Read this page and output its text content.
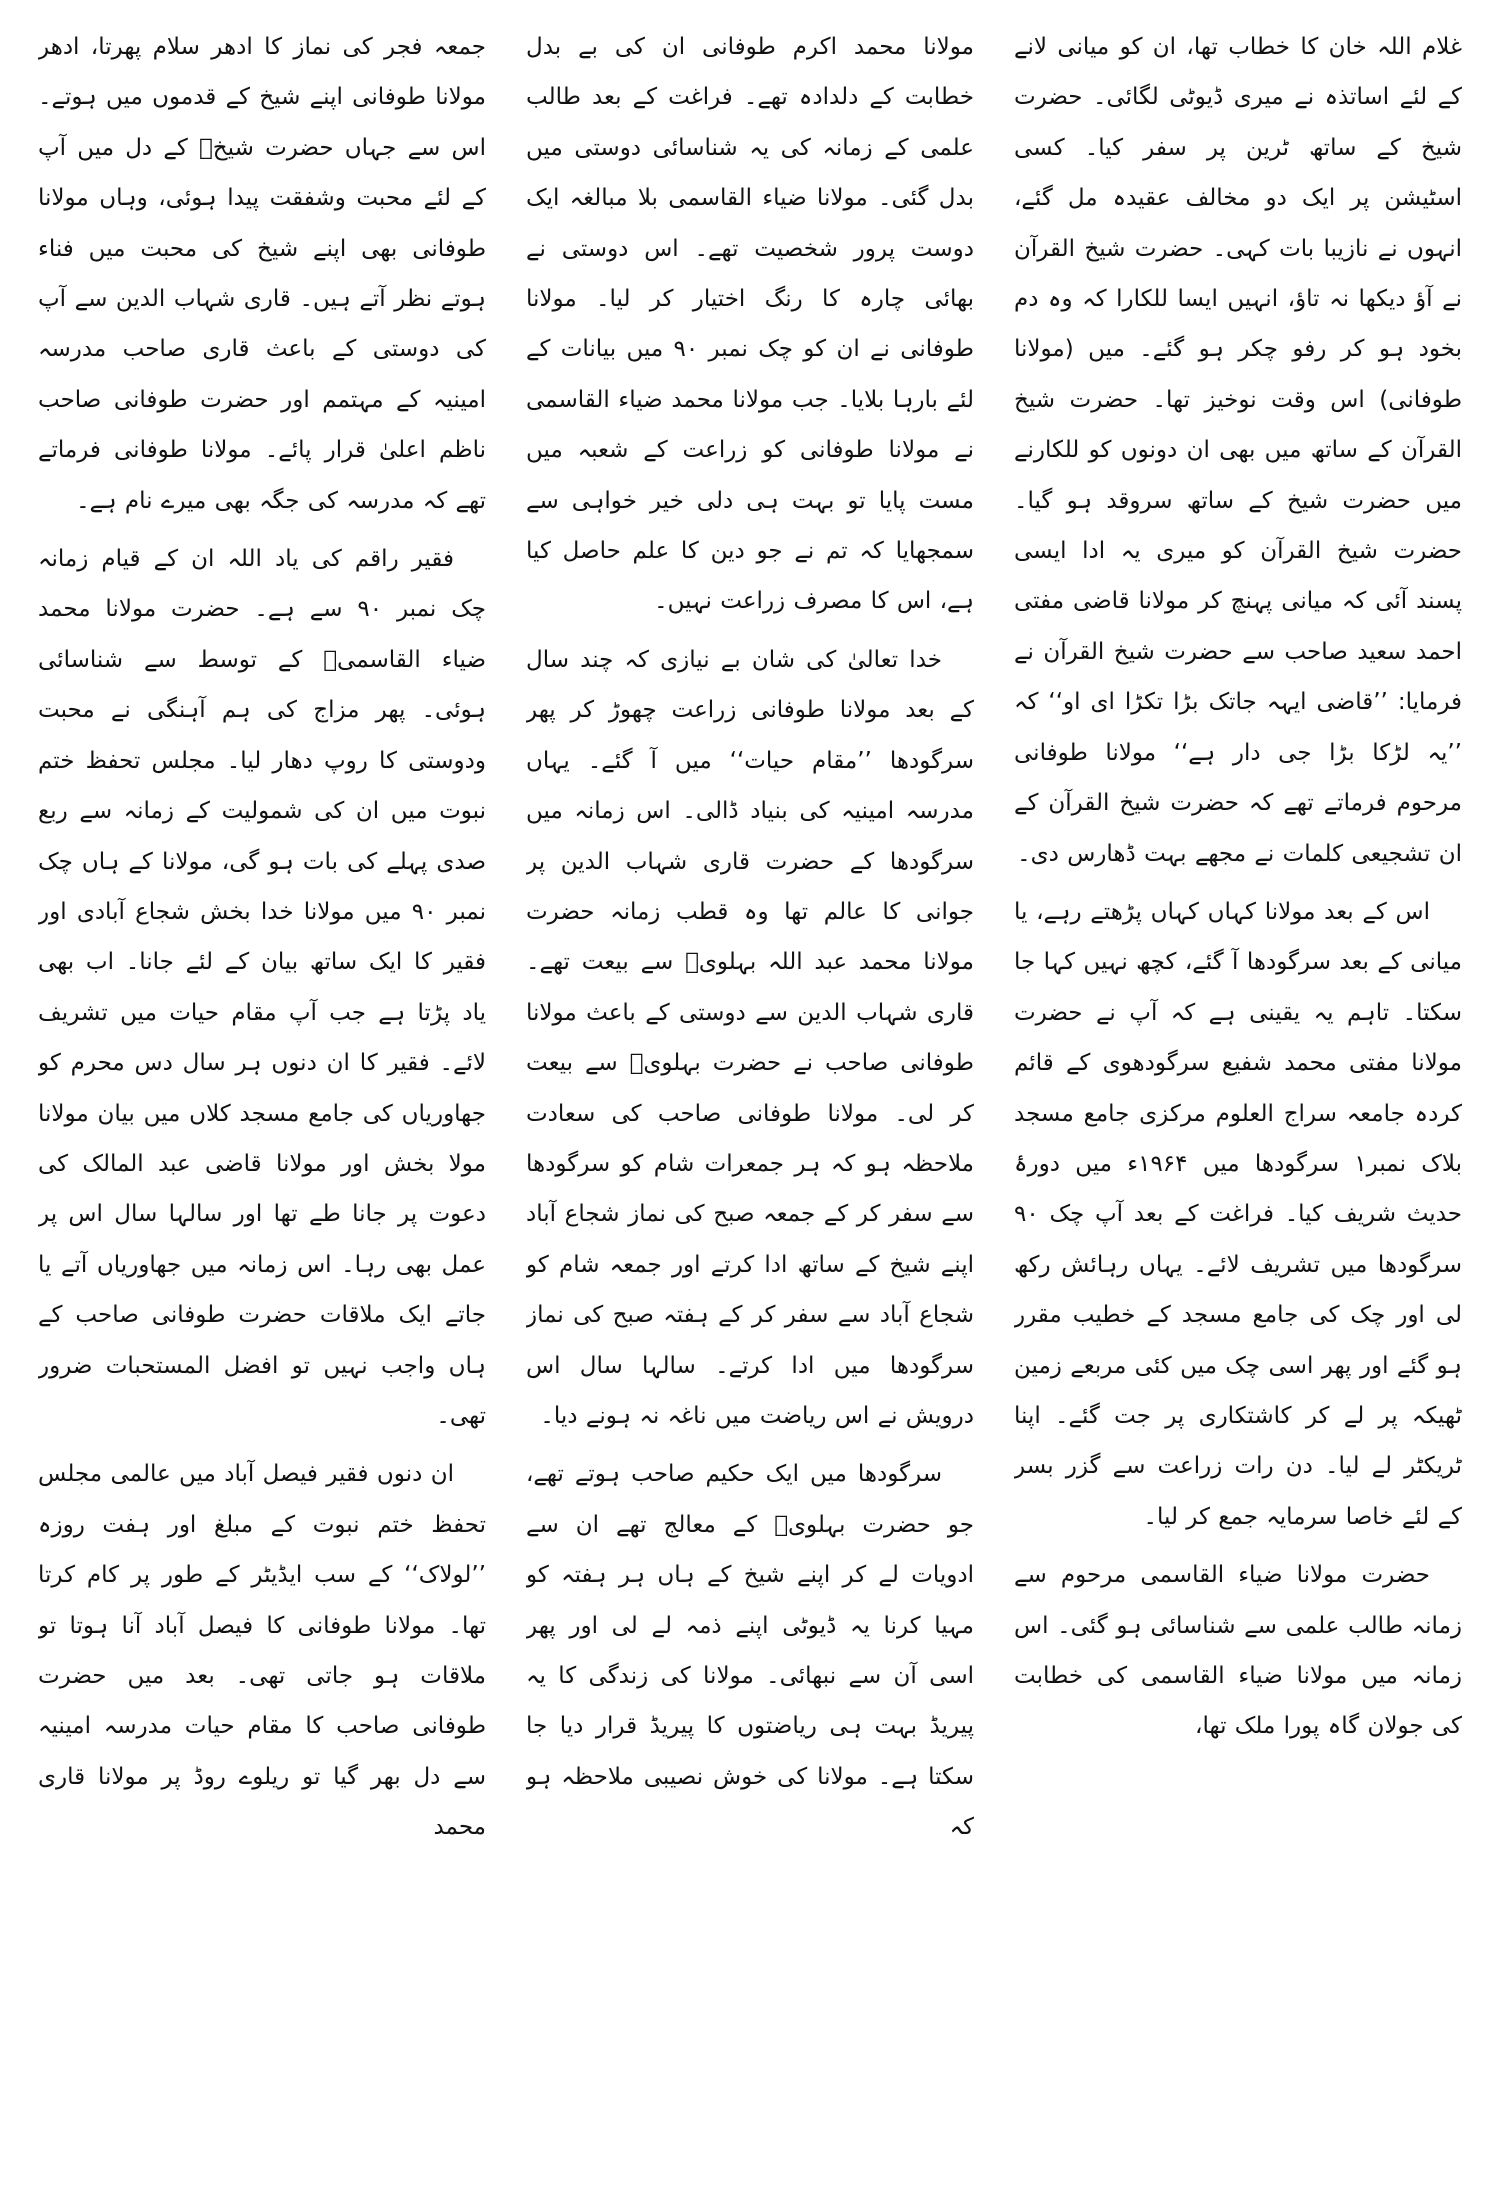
غلام اللہ خان کا خطاب تھا، ان کو میانی لانے کے لئے اساتذہ نے میری ڈیوٹی لگائی۔ حضرت شیخ کے ساتھ ٹرین پر سفر کیا۔ کسی اسٹیشن پر ایک دو مخالف عقیدہ مل گئے، انہوں نے نازیبا بات کہی۔ حضرت شیخ القرآن نے آؤ دیکھا نہ تاؤ، انہیں ایسا للکارا کہ وہ دم بخود ہو کر رفو چکر ہو گئے۔ میں (مولانا طوفانی) اس وقت نوخیز تھا۔ حضرت شیخ القرآن کے ساتھ میں بھی ان دونوں کو للکارنے میں حضرت شیخ کے ساتھ سروقد ہو گیا۔ حضرت شیخ القرآن کو میری یہ ادا ایسی پسند آئی کہ میانی پہنچ کر مولانا قاضی مفتی احمد سعید صاحب سے حضرت شیخ القرآن نے فرمایا: ’’قاضی ایہہ جاتک بڑا تکڑا ای او‘‘ کہ ’’یہ لڑکا بڑا جی دار ہے‘‘ مولانا طوفانی مرحوم فرماتے تھے کہ حضرت شیخ القرآن کے ان تشجیعی کلمات نے مجھے بہت ڈھارس دی۔

اس کے بعد مولانا کہاں کہاں پڑھتے رہے، یا میانی کے بعد سرگودھا آ گئے، کچھ نہیں کہا جا سکتا۔ تاہم یہ یقینی ہے کہ آپ نے حضرت مولانا مفتی محمد شفیع سرگودھوی کے قائم کردہ جامعہ سراج العلوم مرکزی جامع مسجد بلاک نمبر۱ سرگودھا میں ۱۹۶۴ء میں دورۂ حدیث شریف کیا۔ فراغت کے بعد آپ چک ۹۰ سرگودھا میں تشریف لائے۔ یہاں رہائش رکھ لی اور چک کی جامع مسجد کے خطیب مقرر ہو گئے اور پھر اسی چک میں کئی مربعے زمین ٹھیکہ پر لے کر کاشتکاری پر جت گئے۔ اپنا ٹریکٹر لے لیا۔ دن رات زراعت سے گزر بسر کے لئے خاصا سرمایہ جمع کر لیا۔

حضرت مولانا ضیاء القاسمی مرحوم سے زمانہ طالب علمی سے شناسائی ہو گئی۔ اس زمانہ میں مولانا ضیاء القاسمی کی خطابت کی جولان گاہ پورا ملک تھا،

مولانا محمد اکرم طوفانی ان کی بے بدل خطابت کے دلدادہ تھے۔ فراغت کے بعد طالب علمی کے زمانہ کی یہ شناسائی دوستی میں بدل گئی۔ مولانا ضیاء القاسمی بلا مبالغہ ایک دوست پرور شخصیت تھے۔ اس دوستی نے بھائی چارہ کا رنگ اختیار کر لیا۔ مولانا طوفانی نے ان کو چک نمبر ۹۰ میں بیانات کے لئے بارہا بلایا۔ جب مولانا محمد ضیاء القاسمی نے مولانا طوفانی کو زراعت کے شعبہ میں مست پایا تو بہت ہی دلی خیر خواہی سے سمجھایا کہ تم نے جو دین کا علم حاصل کیا ہے، اس کا مصرف زراعت نہیں۔

خدا تعالیٰ کی شان بے نیازی کہ چند سال کے بعد مولانا طوفانی زراعت چھوڑ کر پھر سرگودھا ’’مقام حیات‘‘ میں آ گئے۔ یہاں مدرسہ امینیہ کی بنیاد ڈالی۔ اس زمانہ میں سرگودھا کے حضرت قاری شہاب الدین پر جوانی کا عالم تھا وہ قطب زمانہ حضرت مولانا محمد عبد اللہ بہلویؒ سے بیعت تھے۔ قاری شہاب الدین سے دوستی کے باعث مولانا طوفانی صاحب نے حضرت بہلویؒ سے بیعت کر لی۔ مولانا طوفانی صاحب کی سعادت ملاحظہ ہو کہ ہر جمعرات شام کو سرگودھا سے سفر کر کے جمعہ صبح کی نماز شجاع آباد اپنے شیخ کے ساتھ ادا کرتے اور جمعہ شام کو شجاع آباد سے سفر کر کے ہفتہ صبح کی نماز سرگودھا میں ادا کرتے۔ سالہا سال اس درویش نے اس ریاضت میں ناغہ نہ ہونے دیا۔

سرگودھا میں ایک حکیم صاحب ہوتے تھے، جو حضرت بہلویؒ کے معالج تھے ان سے ادویات لے کر اپنے شیخ کے ہاں ہر ہفتہ کو مہیا کرنا یہ ڈیوٹی اپنے ذمہ لے لی اور پھر اسی آن سے نبھائی۔ مولانا کی زندگی کا یہ پیریڈ بہت ہی ریاضتوں کا پیریڈ قرار دیا جا سکتا ہے۔ مولانا کی خوش نصیبی ملاحظہ ہو کہ

جمعہ فجر کی نماز کا ادھر سلام پھرتا، ادھر مولانا طوفانی اپنے شیخ کے قدموں میں ہوتے۔ اس سے جہاں حضرت شیخؒ کے دل میں آپ کے لئے محبت وشفقت پیدا ہوئی، وہاں مولانا طوفانی بھی اپنے شیخ کی محبت میں فناء ہوتے نظر آتے ہیں۔ قاری شہاب الدین سے آپ کی دوستی کے باعث قاری صاحب مدرسہ امینیہ کے مہتمم اور حضرت طوفانی صاحب ناظم اعلیٰ قرار پائے۔ مولانا طوفانی فرماتے تھے کہ مدرسہ کی جگہ بھی میرے نام ہے۔

فقیر راقم کی یاد اللہ ان کے قیام زمانہ چک نمبر ۹۰ سے ہے۔ حضرت مولانا محمد ضیاء القاسمیؒ کے توسط سے شناسائی ہوئی۔ پھر مزاج کی ہم آہنگی نے محبت ودوستی کا روپ دھار لیا۔ مجلس تحفظ ختم نبوت میں ان کی شمولیت کے زمانہ سے ربع صدی پہلے کی بات ہو گی، مولانا کے ہاں چک نمبر ۹۰ میں مولانا خدا بخش شجاع آبادی اور فقیر کا ایک ساتھ بیان کے لئے جانا۔ اب بھی یاد پڑتا ہے جب آپ مقام حیات میں تشریف لائے۔ فقیر کا ان دنوں ہر سال دس محرم کو جھاوریاں کی جامع مسجد کلاں میں بیان مولانا مولا بخش اور مولانا قاضی عبد المالک کی دعوت پر جانا طے تھا اور سالہا سال اس پر عمل بھی رہا۔ اس زمانہ میں جھاوریاں آتے یا جاتے ایک ملاقات حضرت طوفانی صاحب کے ہاں واجب نہیں تو افضل المستحبات ضرور تھی۔

ان دنوں فقیر فیصل آباد میں عالمی مجلس تحفظ ختم نبوت کے مبلغ اور ہفت روزہ ’’لولاک‘‘ کے سب ایڈیٹر کے طور پر کام کرتا تھا۔ مولانا طوفانی کا فیصل آباد آنا ہوتا تو ملاقات ہو جاتی تھی۔ بعد میں حضرت طوفانی صاحب کا مقام حیات مدرسہ امینیہ سے دل بھر گیا تو ریلوے روڈ پر مولانا قاری محمد
